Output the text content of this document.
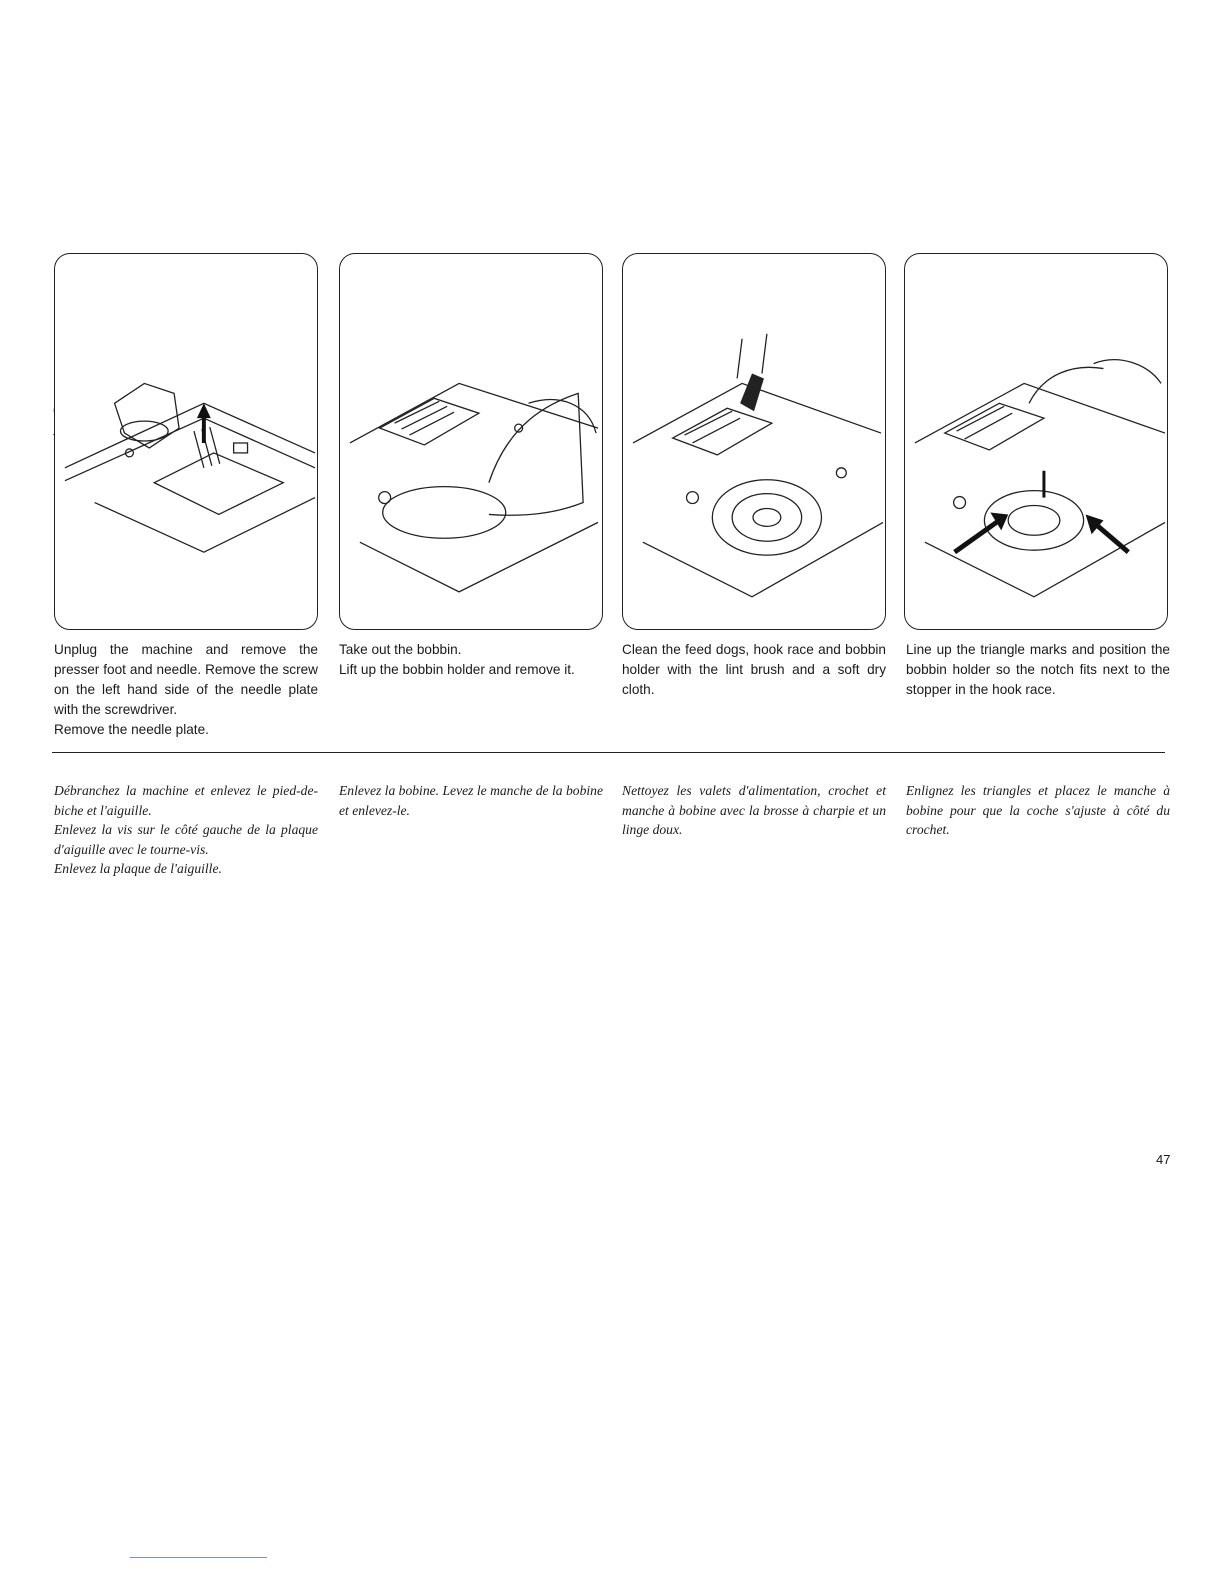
Unplug the machine and remove the presser foot and needle. Remove the screw on the left hand side of the needle plate with the screwdriver.

Remove the needle plate.

Take out the bobbin.

Lift up the bobbin holder and remove it.

Clean the feed dogs, hook race and bobbin holder with the lint brush and a soft dry cloth.

Line up the triangle marks and position the bobbin holder so the notch fits next to the stopper in the hook race.

Débranchez la machine et enlevez le pied-de-biche et l'aiguille.

Enlevez la vis sur le côté gauche de la plaque d'aiguille avec le tourne-vis.

Enlevez la plaque de l'aiguille.

Enlevez la bobine. Levez le manche de la bobine et enlevez-le.

Nettoyez les valets d'alimentation, crochet et manche à bobine avec la brosse à charpie et un linge doux.

Enlignez les triangles et placez le manche à bobine pour que la coche s'ajuste à côté du crochet.

47
